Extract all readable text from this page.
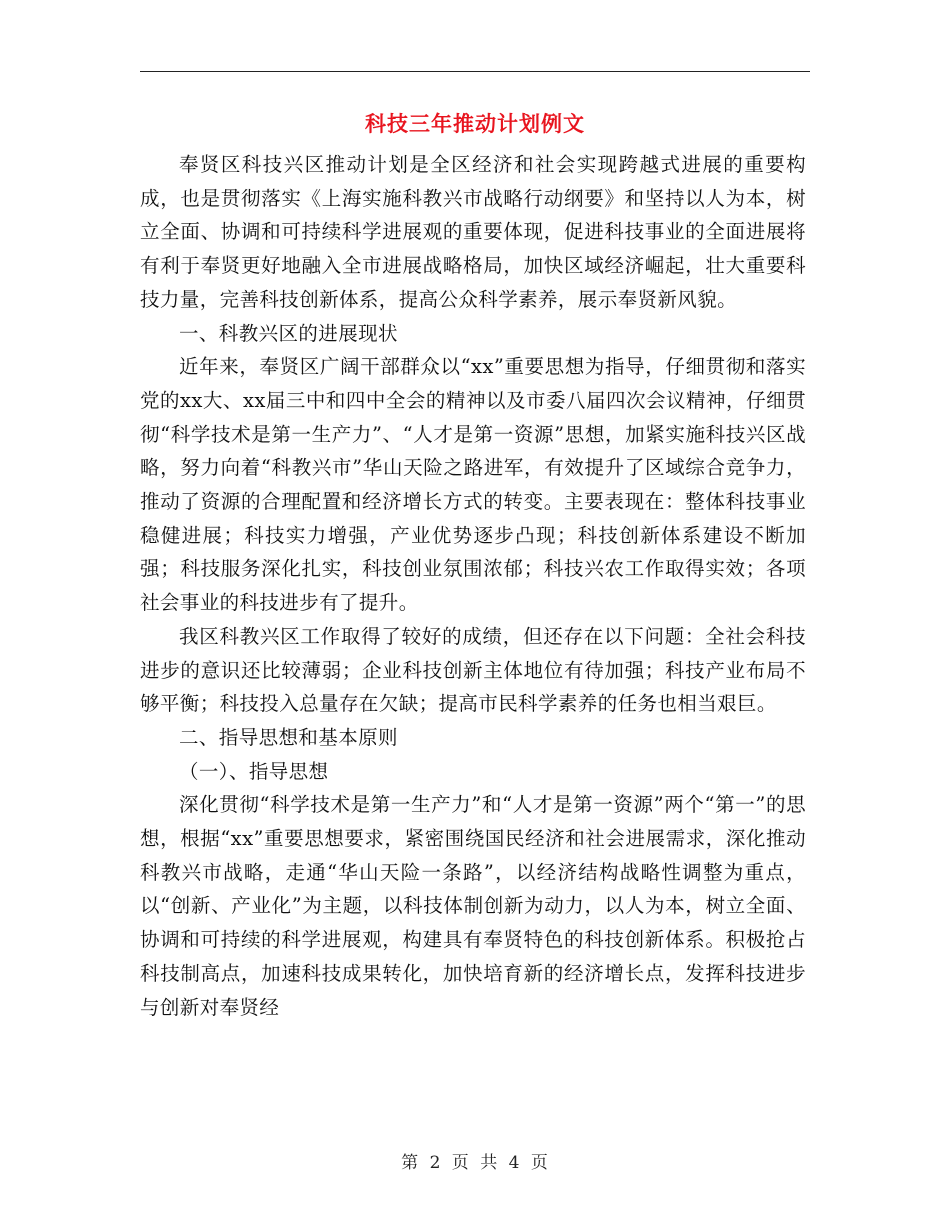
科技三年推动计划例文

奉贤区科技兴区推动计划是全区经济和社会实现跨越式进展的重要构成，也是贯彻落实《上海实施科教兴市战略行动纲要》和坚持以人为本，树立全面、协调和可持续科学进展观的重要体现，促进科技事业的全面进展将有利于奉贤更好地融入全市进展战略格局，加快区域经济崛起，壮大重要科技力量，完善科技创新体系，提高公众科学素养，展示奉贤新风貌。

一、科教兴区的进展现状

近年来，奉贤区广阔干部群众以“xx”重要思想为指导，仔细贯彻和落实党的xx大、xx届三中和四中全会的精神以及市委八届四次会议精神，仔细贯彻“科学技术是第一生产力”、“人才是第一资源”思想，加紧实施科技兴区战略，努力向着“科教兴市”华山天险之路进军，有效提升了区域综合竞争力，推动了资源的合理配置和经济增长方式的转变。主要表现在：整体科技事业稳健进展；科技实力增强，产业优势逐步凸现；科技创新体系建设不断加强；科技服务深化扎实，科技创业氛围浓郁；科技兴农工作取得实效；各项社会事业的科技进步有了提升。

我区科教兴区工作取得了较好的成绩，但还存在以下问题：全社会科技进步的意识还比较薄弱；企业科技创新主体地位有待加强；科技产业布局不够平衡；科技投入总量存在欠缺；提高市民科学素养的任务也相当艰巨。

二、指导思想和基本原则

（一）、指导思想

深化贯彻“科学技术是第一生产力”和“人才是第一资源”两个“第一”的思想，根据“xx”重要思想要求，紧密围绕国民经济和社会进展需求，深化推动科教兴市战略，走通“华山天险一条路”，以经济结构战略性调整为重点，以“创新、产业化”为主题，以科技体制创新为动力，以人为本，树立全面、协调和可持续的科学进展观，构建具有奉贤特色的科技创新体系。积极抢占科技制高点，加速科技成果转化，加快培育新的经济增长点，发挥科技进步与创新对奉贤经

第 2 页 共 4 页
